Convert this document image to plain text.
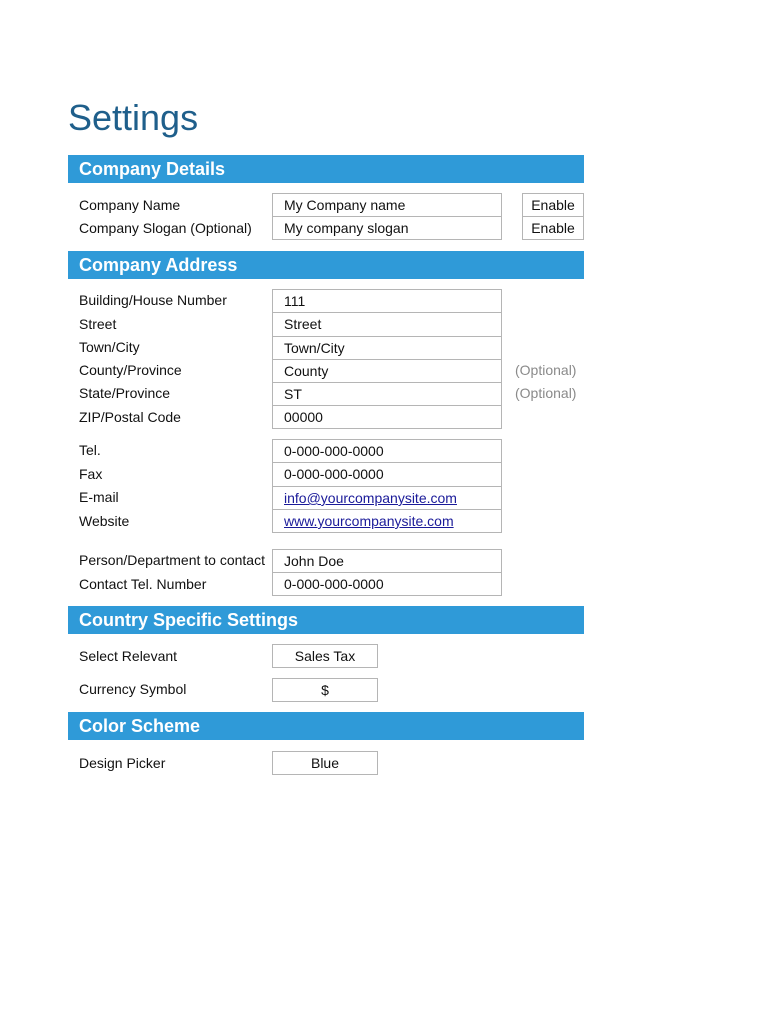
Settings
Company Details
Company Name	My Company name	Enable
Company Slogan (Optional)	My company slogan	Enable
Company Address
Building/House Number	111
Street	Street
Town/City	Town/City
County/Province	County	(Optional)
State/Province	ST	(Optional)
ZIP/Postal Code	00000
Tel.	0-000-000-0000
Fax	0-000-000-0000
E-mail	info@yourcompanysite.com
Website	www.yourcompanysite.com
Person/Department to contact	John Doe
Contact Tel. Number	0-000-000-0000
Country Specific Settings
Select Relevant	Sales Tax
Currency Symbol	$
Color Scheme
Design Picker	Blue
